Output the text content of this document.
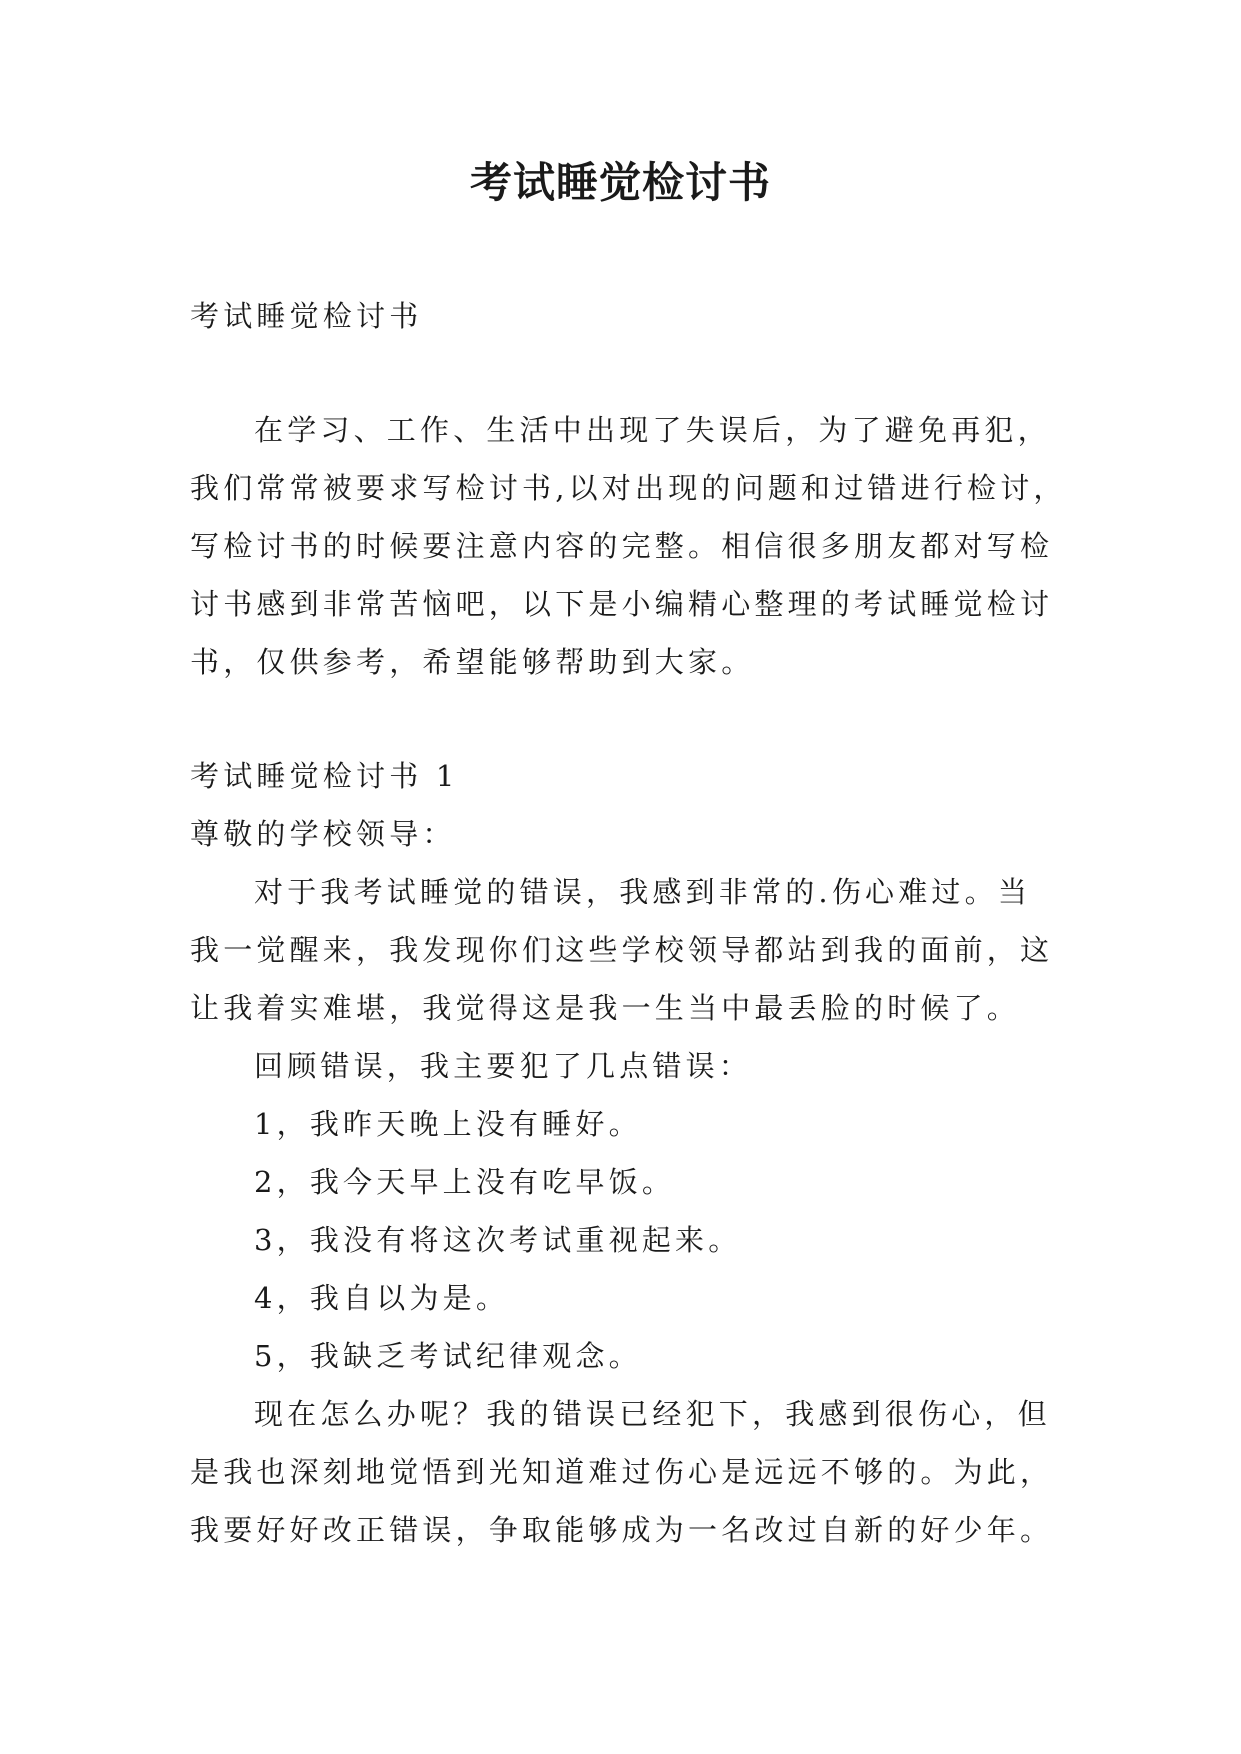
考试睡觉检讨书

考试睡觉检讨书

在学习、工作、生活中出现了失误后，为了避免再犯，

我们常常被要求写检讨书,以对出现的问题和过错进行检讨，

写检讨书的时候要注意内容的完整。相信很多朋友都对写检

讨书感到非常苦恼吧，以下是小编精心整理的考试睡觉检讨

书，仅供参考，希望能够帮助到大家。

考试睡觉检讨书 1

尊敬的学校领导：

对于我考试睡觉的错误，我感到非常的.伤心难过。当

我一觉醒来，我发现你们这些学校领导都站到我的面前，这

让我着实难堪，我觉得这是我一生当中最丢脸的时候了。

回顾错误，我主要犯了几点错误：

1，我昨天晚上没有睡好。

2，我今天早上没有吃早饭。

3，我没有将这次考试重视起来。

4，我自以为是。

5，我缺乏考试纪律观念。

现在怎么办呢？我的错误已经犯下，我感到很伤心，但

是我也深刻地觉悟到光知道难过伤心是远远不够的。为此，

我要好好改正错误，争取能够成为一名改过自新的好少年。
